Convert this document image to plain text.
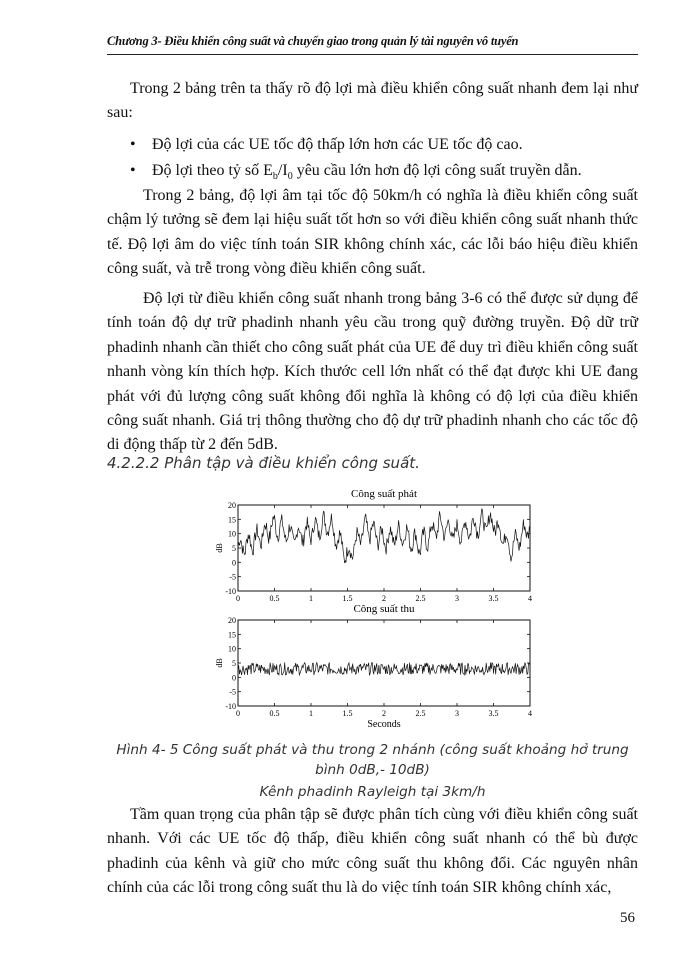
Chương 3- Điều khiển công suất và chuyển giao trong quản lý tài nguyên vô tuyến
Trong 2 bảng trên ta thấy rõ độ lợi mà điều khiển công suất nhanh đem lại như sau:
• Độ lợi của các UE tốc độ thấp lớn hơn các UE tốc độ cao.
• Độ lợi theo tỷ số $E_b/I_0$ yêu cầu lớn hơn độ lợi công suất truyền dẫn.
Trong 2 bảng, độ lợi âm tại tốc độ 50km/h có nghĩa là điều khiển công suất chậm lý tưởng sẽ đem lại hiệu suất tốt hơn so với điều khiển công suất nhanh thức tế. Độ lợi âm do việc tính toán SIR không chính xác, các lỗi báo hiệu điều khiển công suất, và trễ trong vòng điều khiển công suất.
Độ lợi từ điều khiển công suất nhanh trong bảng 3-6 có thể được sử dụng để tính toán độ dự trữ phadinh nhanh yêu cầu trong quỹ đường truyền. Độ dữ trữ phadinh nhanh cần thiết cho công suất phát của UE để duy trì điều khiển công suất nhanh vòng kín thích hợp. Kích thước cell lớn nhất có thể đạt được khi UE đang phát với đủ lượng công suất không đổi nghĩa là không có độ lợi của điều khiển công suất nhanh. Giá trị thông thường cho độ dự trữ phadinh nhanh cho các tốc độ di động thấp từ 2 đến 5dB.
4.2.2.2 Phân tập và điều khiển công suất.
Công suất phát
20
15
10
5
0
-5
-10
0	0.5	1	1.5	2	2.5	3	3.5	4
dB
Công suất thu
20
15
10
5
0
-5
-10
0	0.5	1	1.5	2	2.5	3	3.5	4
dB
Seconds
Hình 4- 5 Công suất phát và thu trong 2 nhánh (công suất khoảng hở trung bình 0dB,- 10dB)
Kênh phadinh Rayleigh tại 3km/h
Tầm quan trọng của phân tập sẽ được phân tích cùng với điều khiển công suất nhanh. Với các UE tốc độ thấp, điều khiển công suất nhanh có thể bù được phadinh của kênh và giữ cho mức công suất thu không đổi. Các nguyên nhân chính của các lỗi trong công suất thu là do việc tính toán SIR không chính xác,
56
